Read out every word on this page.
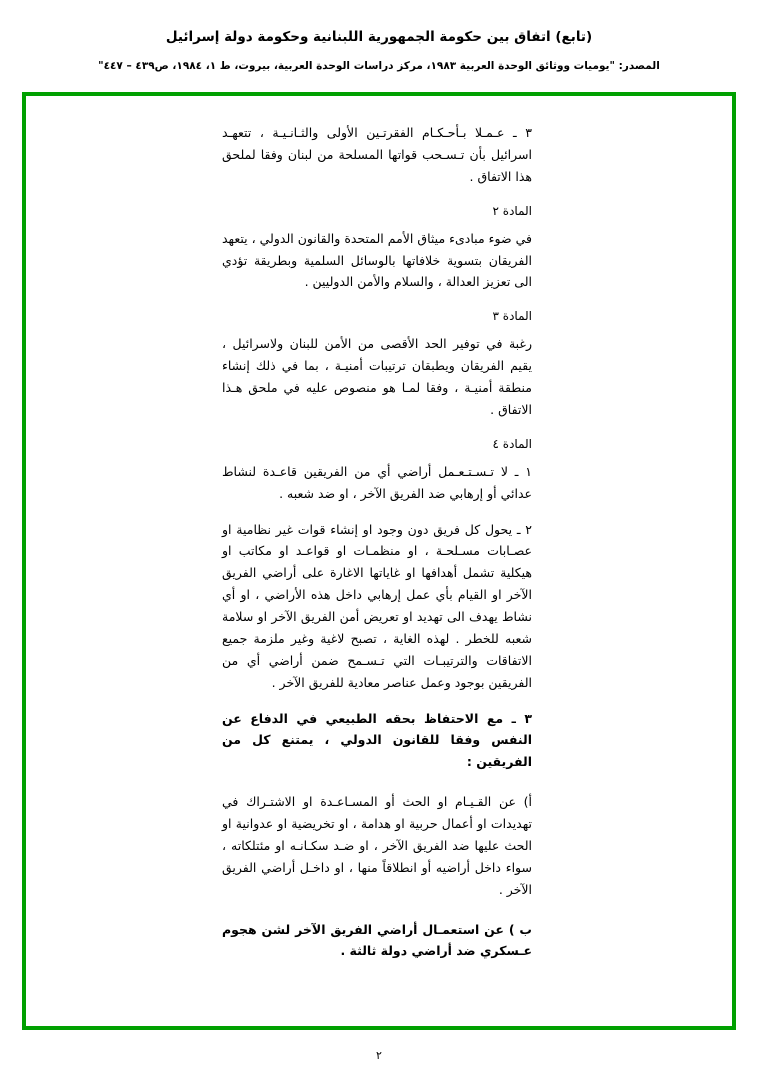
(تابع) اتفاق بين حكومة الجمهورية اللبنانية وحكومة دولة إسرائيل
المصدر: "يوميات ووثائق الوحدة العربية ١٩٨٣، مركز دراسات الوحدة العربية، بيروت، ط ١، ١٩٨٤، ص٤٣٩ – ٤٤٧"
٣ ـ عـمـلا بـأحـكـام الفقرتـين الأولى والثـانـيـة ، تتعهـد اسرائيل بأن تـسـحب قواتها المسلحة من لبنان وفقا لملحق هذا الاتفاق .
المادة ٢
في ضوء مبادىء ميثاق الأمم المتحدة والقانون الدولي ، يتعهد الفريقان بتسوية خلافاتها بالوسائل السلمية وبطريقة تؤدي الى تعزيز العدالة ، والسلام والأمن الدوليين .
المادة ٣
رغبة في توفير الحد الأقصى من الأمن للبنان ولاسرائيل ، يقيم الفريقان ويطبقان ترتيبات أمنيـة ، بما في ذلك إنشاء منطقة أمنيـة ، وفقا لمـا هو منصوص عليه في ملحق هـذا الاتفاق .
المادة ٤
١ ـ لا تـسـتـعـمل أراضي أي من الفريقين قاعـدة لنشاط عدائي أو إرهابي ضد الفريق الآخر ، او ضد شعبه .
٢ ـ يحول كل فريق دون وجود او إنشاء قوات غير نظامية او عصـابات مسـلحـة ، او منظمـات او قواعـد او مكاتب او هيكلية تشمل أهدافها او غاياتها الاغارة على أراضي الفريق الآخر او القيام بأي عمل إرهابي داخل هذه الأراضي ، او أي نشاط يهدف الى تهديد او تعريض أمن الفريق الآخر او سلامة شعبه للخطر . لهذه الغاية ، تصبح لاغية وغير ملزمة جميع الاتفاقات والترتيبـات التي تـسـمح ضمن أراضي أي من الفريقين بوجود وعمل عناصر معادية للفريق الآخر .
٣ ـ مع الاحتفاظ بحقه الطبيعي في الدفاع عن النفس وفقا للقانون الدولي ، يمتنع كل من الفريقين :
أ) عن القـيـام او الحث أو المسـاعـدة او الاشتـراك في تهديدات او أعمال حربية او هدامة ، او تخريضية او عدوانية او الحث عليها ضد الفريق الآخر ، او ضـد سكـانـه او مئتلكاته ، سواء داخل أراضيه أو انطلاقاً منها ، او داخـل أراضي الفريق الآخر .
ب ) عن استعمـال أراضي الفريق الآخر لشن هجوم عـسكري ضد أراضي دولة ثالثة .
٢
